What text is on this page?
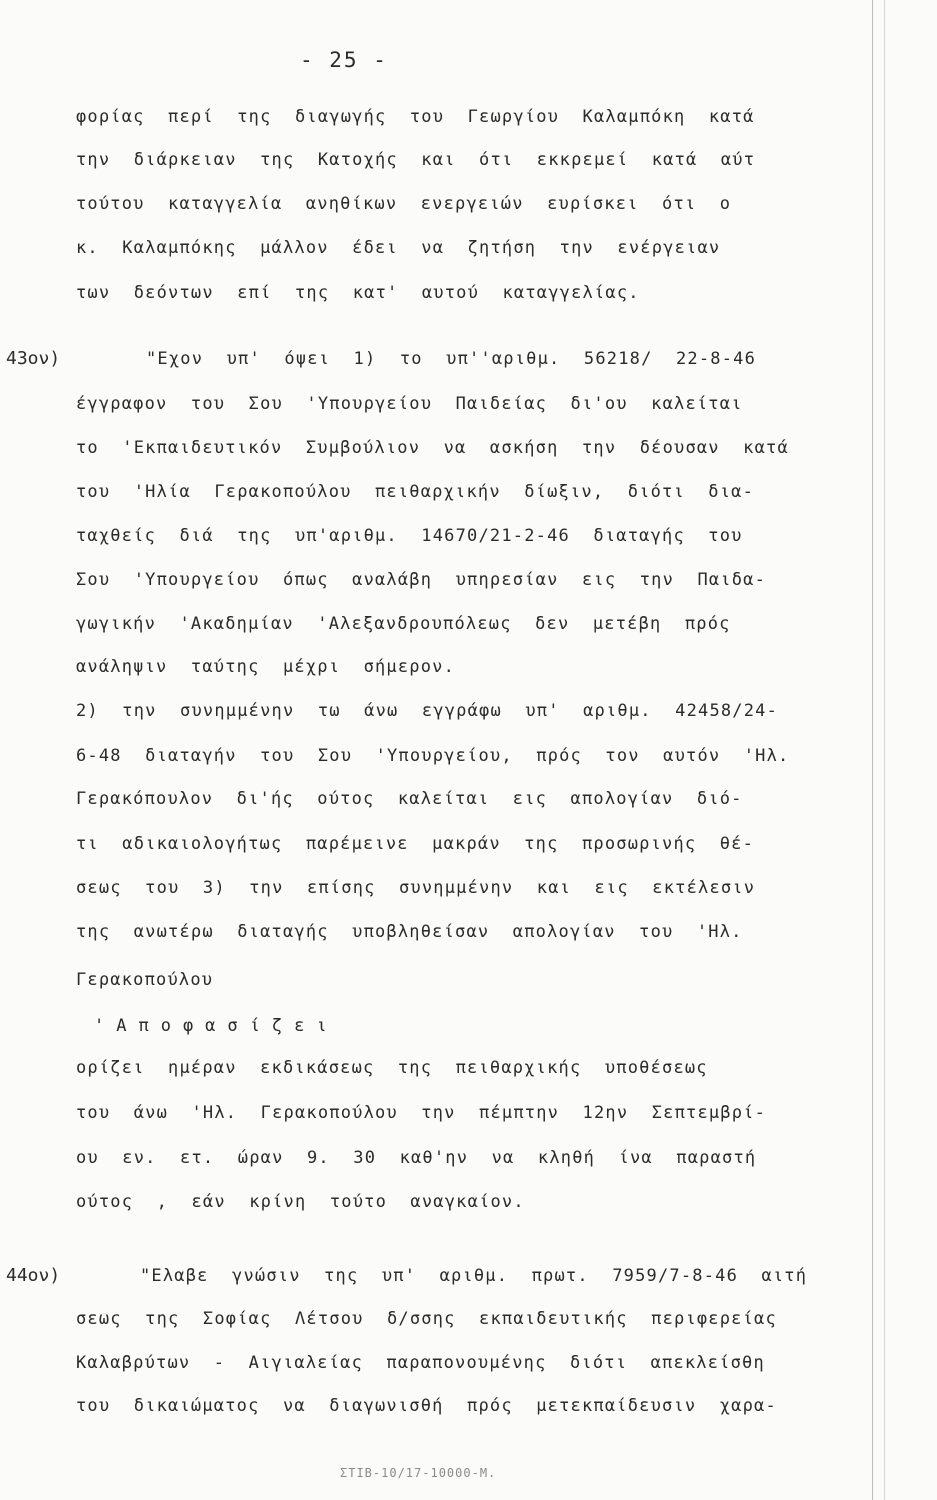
- 25 -
43ον)
44ον)
φορίας περί της διαγωγής του Γεωργίου Καλαμπόκη κατά
την διάρκειαν της Κατοχής και ότι εκκρεμεί κατά αύτ
τούτου καταγγελία ανηθίκων ενεργειών ευρίσκει ότι ο
κ. Καλαμπόκης μάλλον έδει να ζητήση την ενέργειαν
των δεόντων επί της κατ' αυτού καταγγελίας.
"Εχον υπ' όψει 1) το υπ''αριθμ. 56218/ 22-8-46
έγγραφον του Σου 'Υπουργείου Παιδείας δι'ου καλείται
το 'Εκπαιδευτικόν Συμβούλιον να ασκήση την δέουσαν κατά
του 'Ηλία Γερακοπούλου πειθαρχικήν δίωξιν, διότι δια-
ταχθείς διά της υπ'αριθμ. 14670/21-2-46 διαταγής του
Σου 'Υπουργείου όπως αναλάβη υπηρεσίαν εις την Παιδα-
γωγικήν 'Ακαδημίαν 'Αλεξανδρουπόλεως δεν μετέβη πρός
ανάληψιν ταύτης μέχρι σήμερον.
2) την συνημμένην τω άνω εγγράφω υπ' αριθμ. 42458/24-
6-48 διαταγήν του Σου 'Υπουργείου, πρός τον αυτόν 'Ηλ.
Γερακόπουλον δι'ής ούτος καλείται εις απολογίαν διό-
τι αδικαιολογήτως παρέμεινε μακράν της προσωρινής θέ-
σεως του 3) την επίσης συνημμένην και εις εκτέλεσιν
της ανωτέρω διαταγής υποβληθείσαν απολογίαν του 'Ηλ.
Γερακοπούλου
'Αποφασίζει
ορίζει ημέραν εκδικάσεως της πειθαρχικής υποθέσεως
του άνω 'Ηλ. Γερακοπούλου την πέμπτην 12ην Σεπτεμβρί-
ου εν. ετ. ώραν 9. 30 καθ'ην να κληθή ίνα παραστή
ούτος , εάν κρίνη τούτο αναγκαίον.
"Ελαβε γνώσιν της υπ' αριθμ. πρωτ. 7959/7-8-46 αιτή
σεως της Σοφίας Λέτσου δ/σσης εκπαιδευτικής περιφερείας
Καλαβρύτων - Αιγιαλείας παραπονουμένης διότι απεκλείσθη
του δικαιώματος να διαγωνισθή πρός μετεκπαίδευσιν χαρα-
ΣΤΙΒ-10/17-10000-Μ.
